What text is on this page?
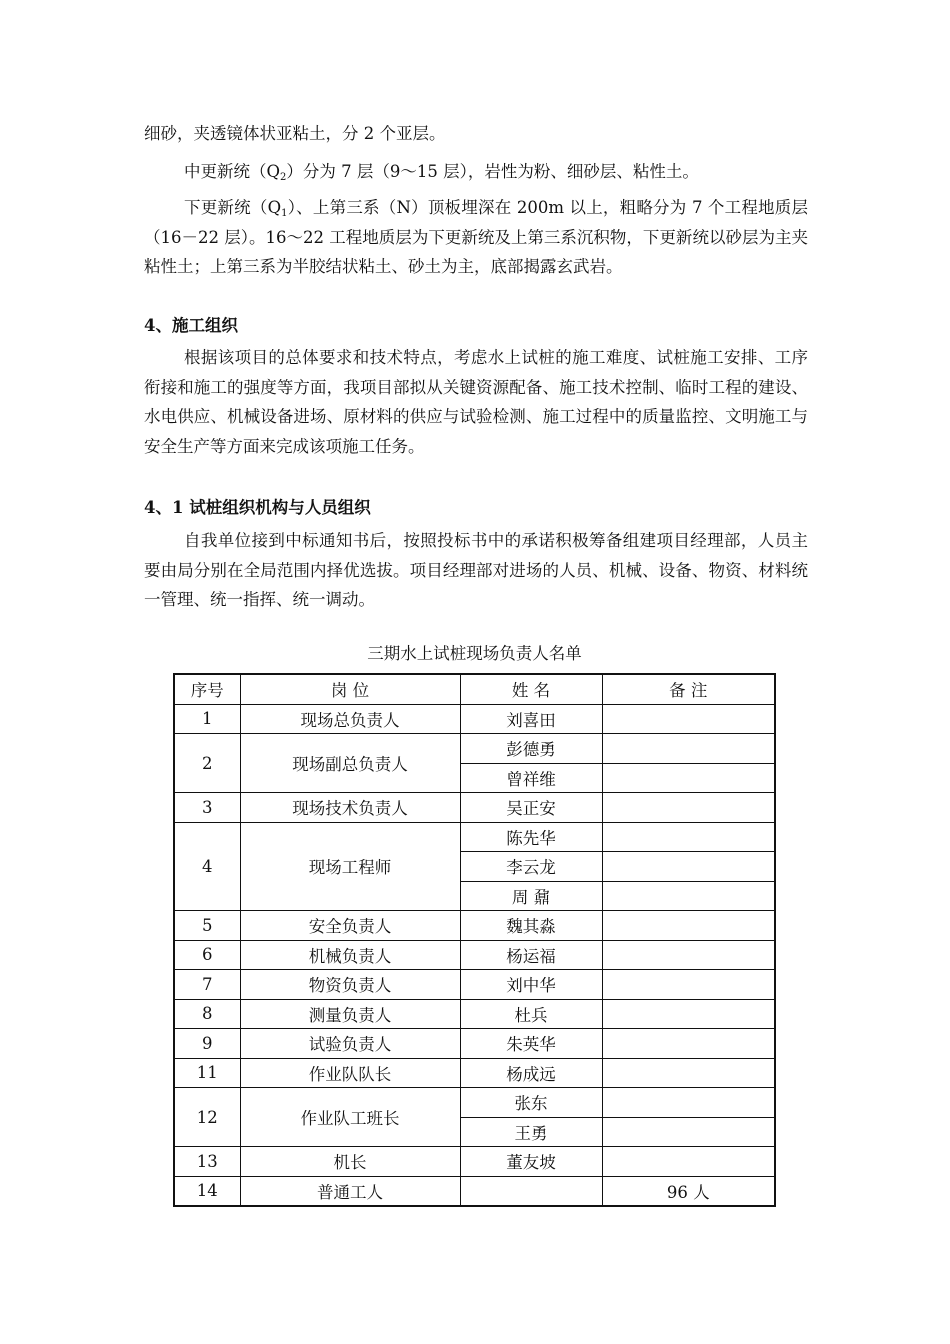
细砂，夹透镜体状亚粘土，分 2 个亚层。

中更新统$(Q_2)$分为 7 层（9～15 层），岩性为粉、细砂层、粘性土。

下更新统$(Q_1)$、上第三系（N）顶板埋深在 200m 以上，粗略分为 7 个工程地质层（16－22 层）。16～22 工程地质层为下更新统及上第三系沉积物，下更新统以砂层为主夹粘性土；上第三系为半胶结状粘土、砂土为主，底部揭露玄武岩。

4、施工组织

根据该项目的总体要求和技术特点，考虑水上试桩的施工难度、试桩施工安排、工序衔接和施工的强度等方面，我项目部拟从关键资源配备、施工技术控制、临时工程的建设、水电供应、机械设备进场、原材料的供应与试验检测、施工过程中的质量监控、文明施工与安全生产等方面来完成该项施工任务。

4、1 试桩组织机构与人员组织

自我单位接到中标通知书后，按照投标书中的承诺积极筹备组建项目经理部，人员主要由局分别在全局范围内择优选拔。项目经理部对进场的人员、机械、设备、物资、材料统一管理、统一指挥、统一调动。

三期水上试桩现场负责人名单

序号	岗 位	姓 名	备 注
1	现场总负责人	刘喜田	
2	现场副总负责人	彭德勇	
		曾祥维	
3	现场技术负责人	吴正安	
4	现场工程师	陈先华	
		李云龙	
		周 鼐	
5	安全负责人	魏其淼	
6	机械负责人	杨运福	
7	物资负责人	刘中华	
8	测量负责人	杜兵	
9	试验负责人	朱英华	
11	作业队队长	杨成远	
12	作业队工班长	张东	
		王勇	
13	机长	董友坡	
14	普通工人		96 人
